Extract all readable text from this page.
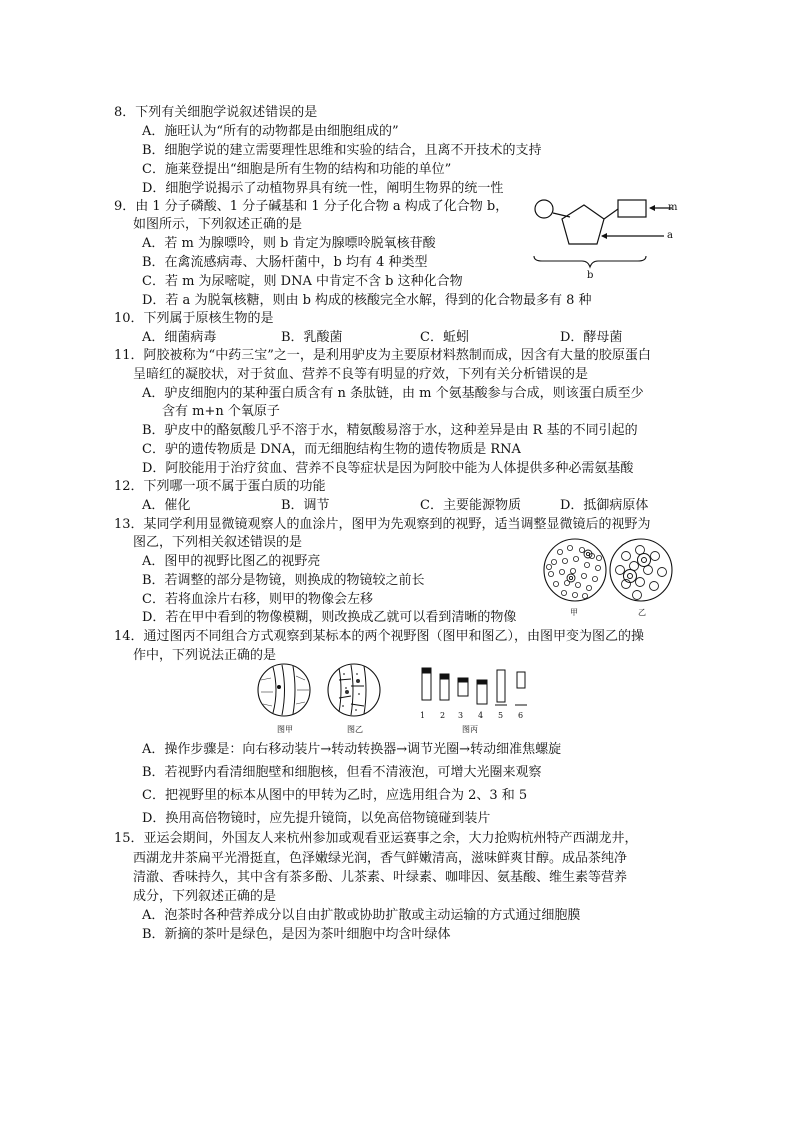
8．下列有关细胞学说叙述错误的是
A．施旺认为“所有的动物都是由细胞组成的”
B．细胞学说的建立需要理性思维和实验的结合，且离不开技术的支持
C．施莱登提出“细胞是所有生物的结构和功能的单位”
D．细胞学说揭示了动植物界具有统一性，阐明生物界的统一性
9．由 1 分子磷酸、1 分子碱基和 1 分子化合物 a 构成了化合物 b，
如图所示，下列叙述正确的是
A．若 m 为腺嘌呤，则 b 肯定为腺嘌呤脱氧核苷酸
B．在禽流感病毒、大肠杆菌中，b 均有 4 种类型
C．若 m 为尿嘧啶，则 DNA 中肯定不含 b 这种化合物
D．若 a 为脱氧核糖，则由 b 构成的核酸完全水解，得到的化合物最多有 8 种
m
a
b
10．下列属于原核生物的是
A．细菌病毒	B．乳酸菌	C．蚯蚓	D．酵母菌
11．阿胶被称为“中药三宝”之一，是利用驴皮为主要原材料熬制而成，因含有大量的胶原蛋白
呈暗红的凝胶状，对于贫血、营养不良等有明显的疗效，下列有关分析错误的是
A．驴皮细胞内的某种蛋白质含有 n 条肽链，由 m 个氨基酸参与合成，则该蛋白质至少
含有 m+n 个氧原子
B．驴皮中的酪氨酸几乎不溶于水，精氨酸易溶于水，这种差异是由 R 基的不同引起的
C．驴的遗传物质是 DNA，而无细胞结构生物的遗传物质是 RNA
D．阿胶能用于治疗贫血、营养不良等症状是因为阿胶中能为人体提供多种必需氨基酸
12．下列哪一项不属于蛋白质的功能
A．催化	B．调节	C．主要能源物质	D．抵御病原体
13．某同学利用显微镜观察人的血涂片，图甲为先观察到的视野，适当调整显微镜后的视野为
图乙，下列相关叙述错误的是
A．图甲的视野比图乙的视野亮
B．若调整的部分是物镜，则换成的物镜较之前长
C．若将血涂片右移，则甲的物像会左移
D．若在甲中看到的物像模糊，则改换成乙就可以看到清晰的物像	甲	乙
14．通过图丙不同组合方式观察到某标本的两个视野图（图甲和图乙），由图甲变为图乙的操
作中，下列说法正确的是
1 2 3 4 5 6
图甲	图乙	图丙
A．操作步骤是：向右移动装片→转动转换器→调节光圈→转动细准焦螺旋
B．若视野内看清细胞壁和细胞核，但看不清液泡，可增大光圈来观察
C．把视野里的标本从图中的甲转为乙时，应选用组合为 2、3 和 5
D．换用高倍物镜时，应先提升镜筒，以免高倍物镜碰到装片
15．亚运会期间，外国友人来杭州参加或观看亚运赛事之余，大力抢购杭州特产西湖龙井，
西湖龙井茶扁平光滑挺直，色泽嫩绿光润，香气鲜嫩清高，滋味鲜爽甘醇。成品茶纯净
清澈、香味持久，其中含有茶多酚、儿茶素、叶绿素、咖啡因、氨基酸、维生素等营养
成分，下列叙述正确的是
A．泡茶时各种营养成分以自由扩散或协助扩散或主动运输的方式通过细胞膜
B．新摘的茶叶是绿色，是因为茶叶细胞中均含叶绿体
